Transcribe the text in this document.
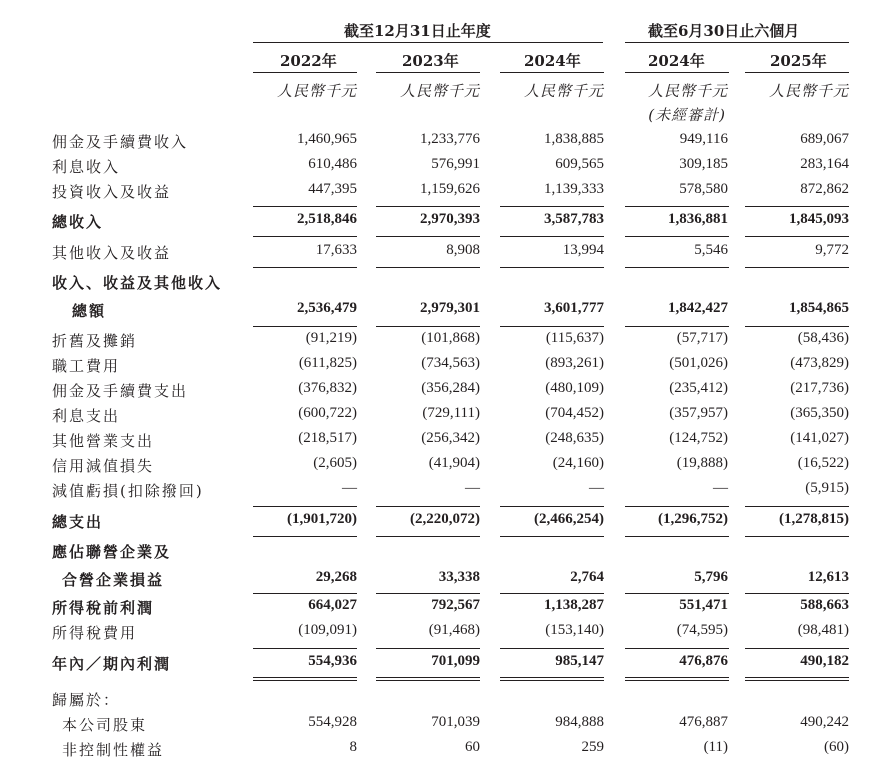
截至12月31日止年度	截至6月30日止六個月
2022年	2023年	2024年	2024年	2025年
人民幣千元	人民幣千元	人民幣千元	人民幣千元	人民幣千元
(未經審計)
佣金及手續費收入	1,460,965	1,233,776	1,838,885	949,116	689,067
利息收入	610,486	576,991	609,565	309,185	283,164
投資收入及收益	447,395	1,159,626	1,139,333	578,580	872,862
總收入	2,518,846	2,970,393	3,587,783	1,836,881	1,845,093
其他收入及收益	17,633	8,908	13,994	5,546	9,772
收入、收益及其他收入
總額	2,536,479	2,979,301	3,601,777	1,842,427	1,854,865
折舊及攤銷	(91,219)	(101,868)	(115,637)	(57,717)	(58,436)
職工費用	(611,825)	(734,563)	(893,261)	(501,026)	(473,829)
佣金及手續費支出	(376,832)	(356,284)	(480,109)	(235,412)	(217,736)
利息支出	(600,722)	(729,111)	(704,452)	(357,957)	(365,350)
其他營業支出	(218,517)	(256,342)	(248,635)	(124,752)	(141,027)
信用減值損失	(2,605)	(41,904)	(24,160)	(19,888)	(16,522)
減值虧損(扣除撥回)	—	—	—	—	(5,915)
總支出	(1,901,720)	(2,220,072)	(2,466,254)	(1,296,752)	(1,278,815)
應佔聯營企業及
合營企業損益	29,268	33,338	2,764	5,796	12,613
所得稅前利潤	664,027	792,567	1,138,287	551,471	588,663
所得稅費用	(109,091)	(91,468)	(153,140)	(74,595)	(98,481)
年內／期內利潤	554,936	701,099	985,147	476,876	490,182
歸屬於：
本公司股東	554,928	701,039	984,888	476,887	490,242
非控制性權益	8	60	259	(11)	(60)
